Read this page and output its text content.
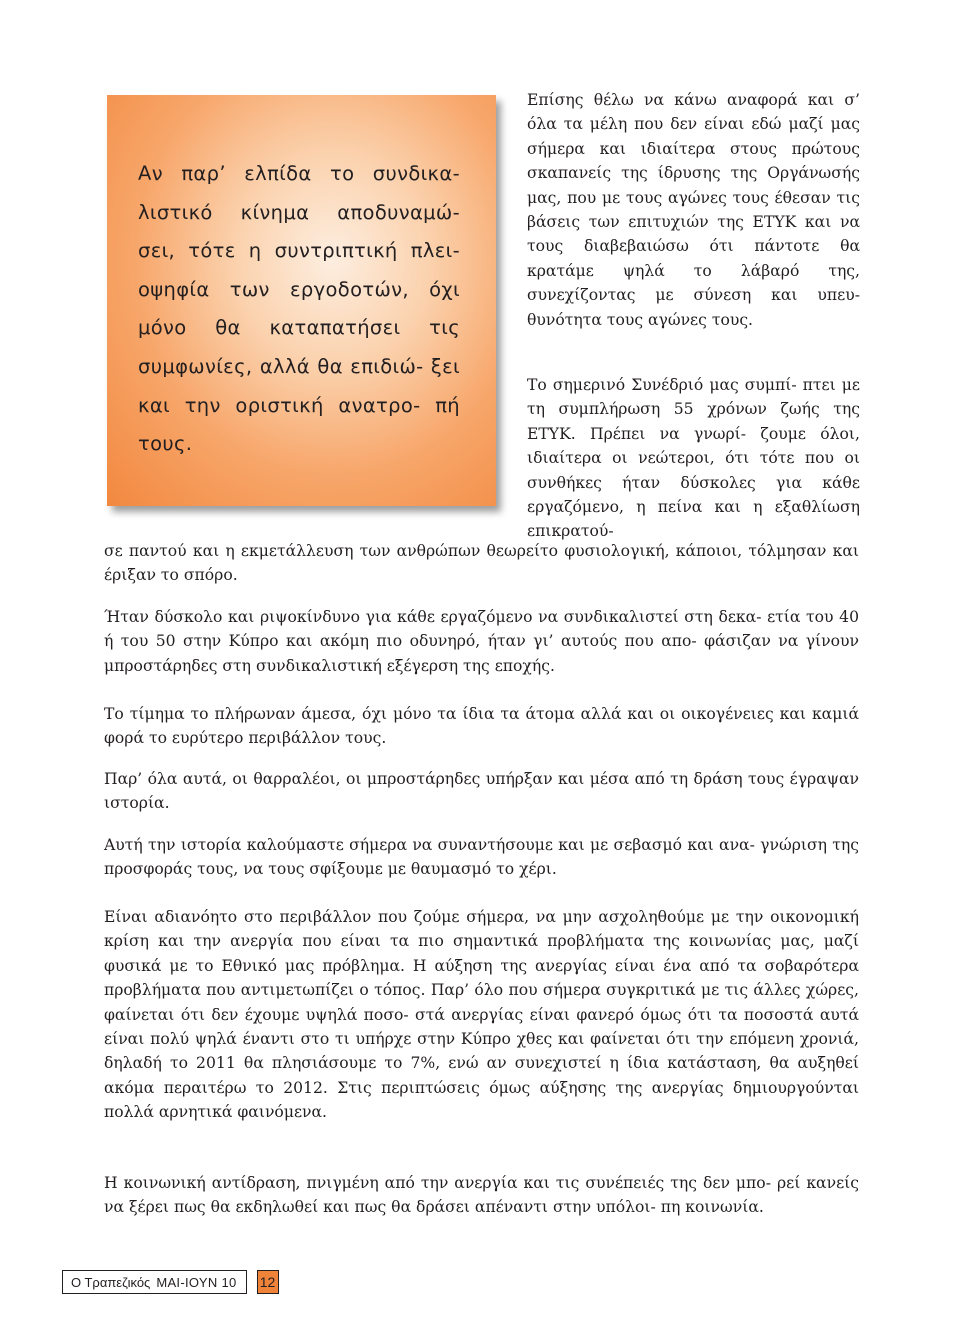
Αν παρ’ ελπίδα το συνδικα- λιστικό κίνημα αποδυναμώ- σει, τότε η συντριπτική πλει- οψηφία των εργοδοτών, όχι μόνο θα καταπατήσει τις συμφωνίες, αλλά θα επιδιώ- ξει και την οριστική ανατρο- πή τους.

Επίσης θέλω να κάνω αναφορά και σ’ όλα τα μέλη που δεν είναι εδώ μαζί μας σήμερα και ιδιαίτερα στους πρώτους σκαπανείς της ίδρυσης της Οργάνωσής μας, που με τους αγώνες τους έθεσαν τις βάσεις των επιτυχιών της ΕΤΥΚ και να τους διαβεβαιώσω ότι πάντοτε θα κρατάμε ψηλά το λάβαρό της, συνεχίζοντας με σύνεση και υπευ- θυνότητα τους αγώνες τους.

Το σημερινό Συνέδριό μας συμπί- πτει με τη συμπλήρωση 55 χρόνων ζωής της ΕΤΥΚ. Πρέπει να γνωρί- ζουμε όλοι, ιδιαίτερα οι νεώτεροι, ότι τότε που οι συνθήκες ήταν δύσκολες για κάθε εργαζόμενο, η πείνα και η εξαθλίωση επικρατού-

σε παντού και η εκμετάλλευση των ανθρώπων θεωρείτο φυσιολογική, κάποιοι, τόλμησαν και έριξαν το σπόρο.

Ήταν δύσκολο και ριψοκίνδυνο για κάθε εργαζόμενο να συνδικαλιστεί στη δεκα- ετία του 40 ή του 50 στην Κύπρο και ακόμη πιο οδυνηρό, ήταν γι’ αυτούς που απο- φάσιζαν να γίνουν μπροστάρηδες στη συνδικαλιστική εξέγερση της εποχής.

Το τίμημα το πλήρωναν άμεσα, όχι μόνο τα ίδια τα άτομα αλλά και οι οικογένειες και καμιά φορά το ευρύτερο περιβάλλον τους.

Παρ’ όλα αυτά, οι θαρραλέοι, οι μπροστάρηδες υπήρξαν και μέσα από τη δράση τους έγραψαν ιστορία.

Αυτή την ιστορία καλούμαστε σήμερα να συναντήσουμε και με σεβασμό και ανα- γνώριση της προσφοράς τους, να τους σφίξουμε με θαυμασμό το χέρι.

Είναι αδιανόητο στο περιβάλλον που ζούμε σήμερα, να μην ασχοληθούμε με την οικονομική κρίση και την ανεργία που είναι τα πιο σημαντικά προβλήματα της κοινωνίας μας, μαζί φυσικά με το Εθνικό μας πρόβλημα. Η αύξηση της ανεργίας είναι ένα από τα σοβαρότερα προβλήματα που αντιμετωπίζει ο τόπος. Παρ’ όλο που σήμερα συγκριτικά με τις άλλες χώρες, φαίνεται ότι δεν έχουμε υψηλά ποσο- στά ανεργίας είναι φανερό όμως ότι τα ποσοστά αυτά είναι πολύ ψηλά έναντι στο τι υπήρχε στην Κύπρο χθες και φαίνεται ότι την επόμενη χρονιά, δηλαδή το 2011 θα πλησιάσουμε το 7%, ενώ αν συνεχιστεί η ίδια κατάσταση, θα αυξηθεί ακόμα περαιτέρω το 2012. Στις περιπτώσεις όμως αύξησης της ανεργίας δημιουργούνται πολλά αρνητικά φαινόμενα.

Η κοινωνική αντίδραση, πνιγμένη από την ανεργία και τις συνέπειές της δεν μπο- ρεί κανείς να ξέρει πως θα εκδηλωθεί και πως θα δράσει απέναντι στην υπόλοι- πη κοινωνία.

Ο Τραπεζικός ΜΑΙ-ΙΟΥΝ 10 12
